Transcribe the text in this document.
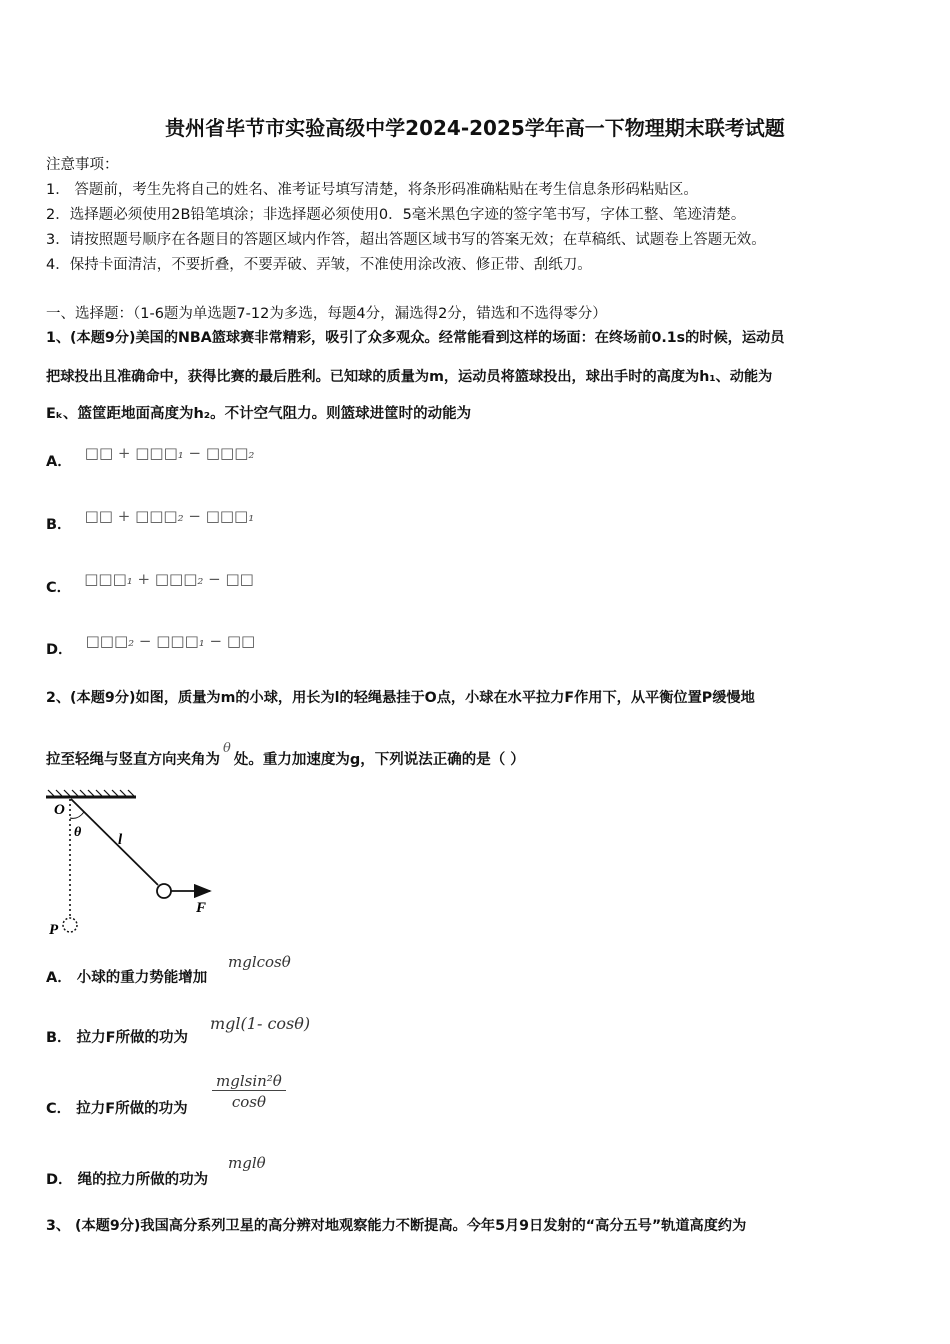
贵州省毕节市实验高级中学2024-2025学年高一下物理期末联考试题
注意事项：
1． 答题前，考生先将自己的姓名、准考证号填写清楚，将条形码准确粘贴在考生信息条形码粘贴区。
2．选择题必须使用2B铅笔填涂；非选择题必须使用0．5毫米黑色字迹的签字笔书写，字体工整、笔迹清楚。
3．请按照题号顺序在各题目的答题区域内作答，超出答题区域书写的答案无效；在草稿纸、试题卷上答题无效。
4．保持卡面清洁，不要折叠，不要弄破、弄皱，不准使用涂改液、修正带、刮纸刀。
一、选择题：（1-6题为单选题7-12为多选，每题4分，漏选得2分，错选和不选得零分）
1、(本题9分)美国的NBA篮球赛非常精彩，吸引了众多观众。经常能看到这样的场面：在终场前0.1s的时候，运动员
把球投出且准确命中，获得比赛的最后胜利。已知球的质量为m，运动员将篮球投出，球出手时的高度为h₁、动能为
Eₖ、篮筐距地面高度为h₂。不计空气阻力。则篮球进筐时的动能为
A． □□ + □□□₁ − □□□₂
B． □□ + □□□₂ − □□□₁
C． □□□₁ + □□□₂ − □□
D． □□□₂ − □□□₁ − □□
2、(本题9分)如图，质量为m的小球，用长为l的轻绳悬挂于O点，小球在水平拉力F作用下，从平衡位置P缓慢地
拉至轻绳与竖直方向夹角为θ处。重力加速度为g，下列说法正确的是（ ）
O
θ l
F
P
A． 小球的重力势能增加
mglcosθ
B． 拉力F所做的功为
mgl(1- cosθ)
C． 拉力F所做的功为
mglsin²θ
cosθ
D． 绳的拉力所做的功为
mglθ
3、 (本题9分)我国高分系列卫星的高分辨对地观察能力不断提高。今年5月9日发射的“高分五号”轨道高度约为
